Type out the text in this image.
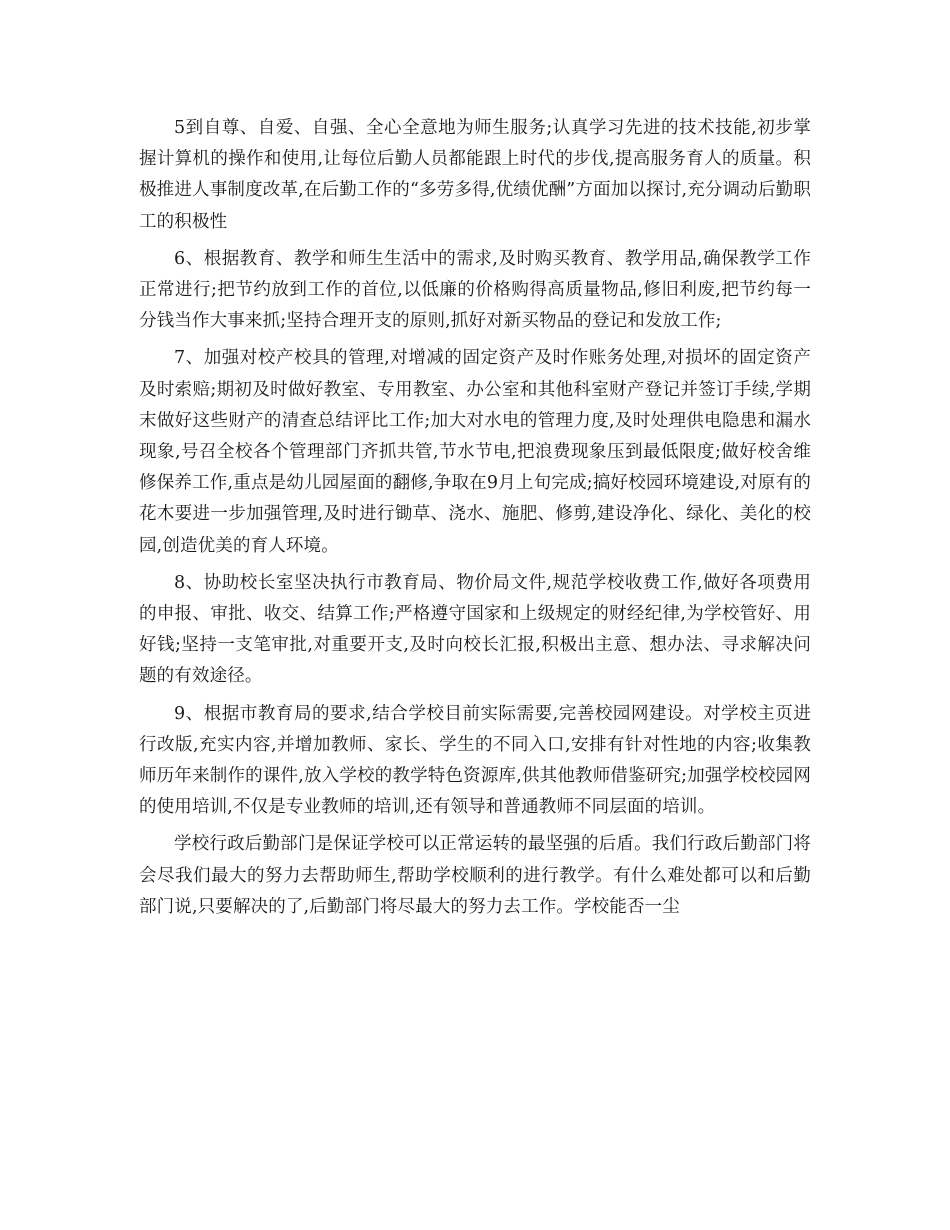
5到自尊、自爱、自强、全心全意地为师生服务;认真学习先进的技术技能,初步掌握计算机的操作和使用,让每位后勤人员都能跟上时代的步伐,提高服务育人的质量。积极推进人事制度改革,在后勤工作的“多劳多得,优绩优酬”方面加以探讨,充分调动后勤职工的积极性

6、根据教育、教学和师生生活中的需求,及时购买教育、教学用品,确保教学工作正常进行;把节约放到工作的首位,以低廉的价格购得高质量物品,修旧利废,把节约每一分钱当作大事来抓;坚持合理开支的原则,抓好对新买物品的登记和发放工作;

7、加强对校产校具的管理,对增减的固定资产及时作账务处理,对损坏的固定资产及时索赔;期初及时做好教室、专用教室、办公室和其他科室财产登记并签订手续,学期末做好这些财产的清查总结评比工作;加大对水电的管理力度,及时处理供电隐患和漏水现象,号召全校各个管理部门齐抓共管,节水节电,把浪费现象压到最低限度;做好校舍维修保养工作,重点是幼儿园屋面的翻修,争取在9月上旬完成;搞好校园环境建设,对原有的花木要进一步加强管理,及时进行锄草、浇水、施肥、修剪,建设净化、绿化、美化的校园,创造优美的育人环境。

8、协助校长室坚决执行市教育局、物价局文件,规范学校收费工作,做好各项费用的申报、审批、收交、结算工作;严格遵守国家和上级规定的财经纪律,为学校管好、用好钱;坚持一支笔审批,对重要开支,及时向校长汇报,积极出主意、想办法、寻求解决问题的有效途径。

9、根据市教育局的要求,结合学校目前实际需要,完善校园网建设。对学校主页进行改版,充实内容,并增加教师、家长、学生的不同入口,安排有针对性地的内容;收集教师历年来制作的课件,放入学校的教学特色资源库,供其他教师借鉴研究;加强学校校园网的使用培训,不仅是专业教师的培训,还有领导和普通教师不同层面的培训。

学校行政后勤部门是保证学校可以正常运转的最坚强的后盾。我们行政后勤部门将会尽我们最大的努力去帮助师生,帮助学校顺利的进行教学。有什么难处都可以和后勤部门说,只要解决的了,后勤部门将尽最大的努力去工作。学校能否一尘
